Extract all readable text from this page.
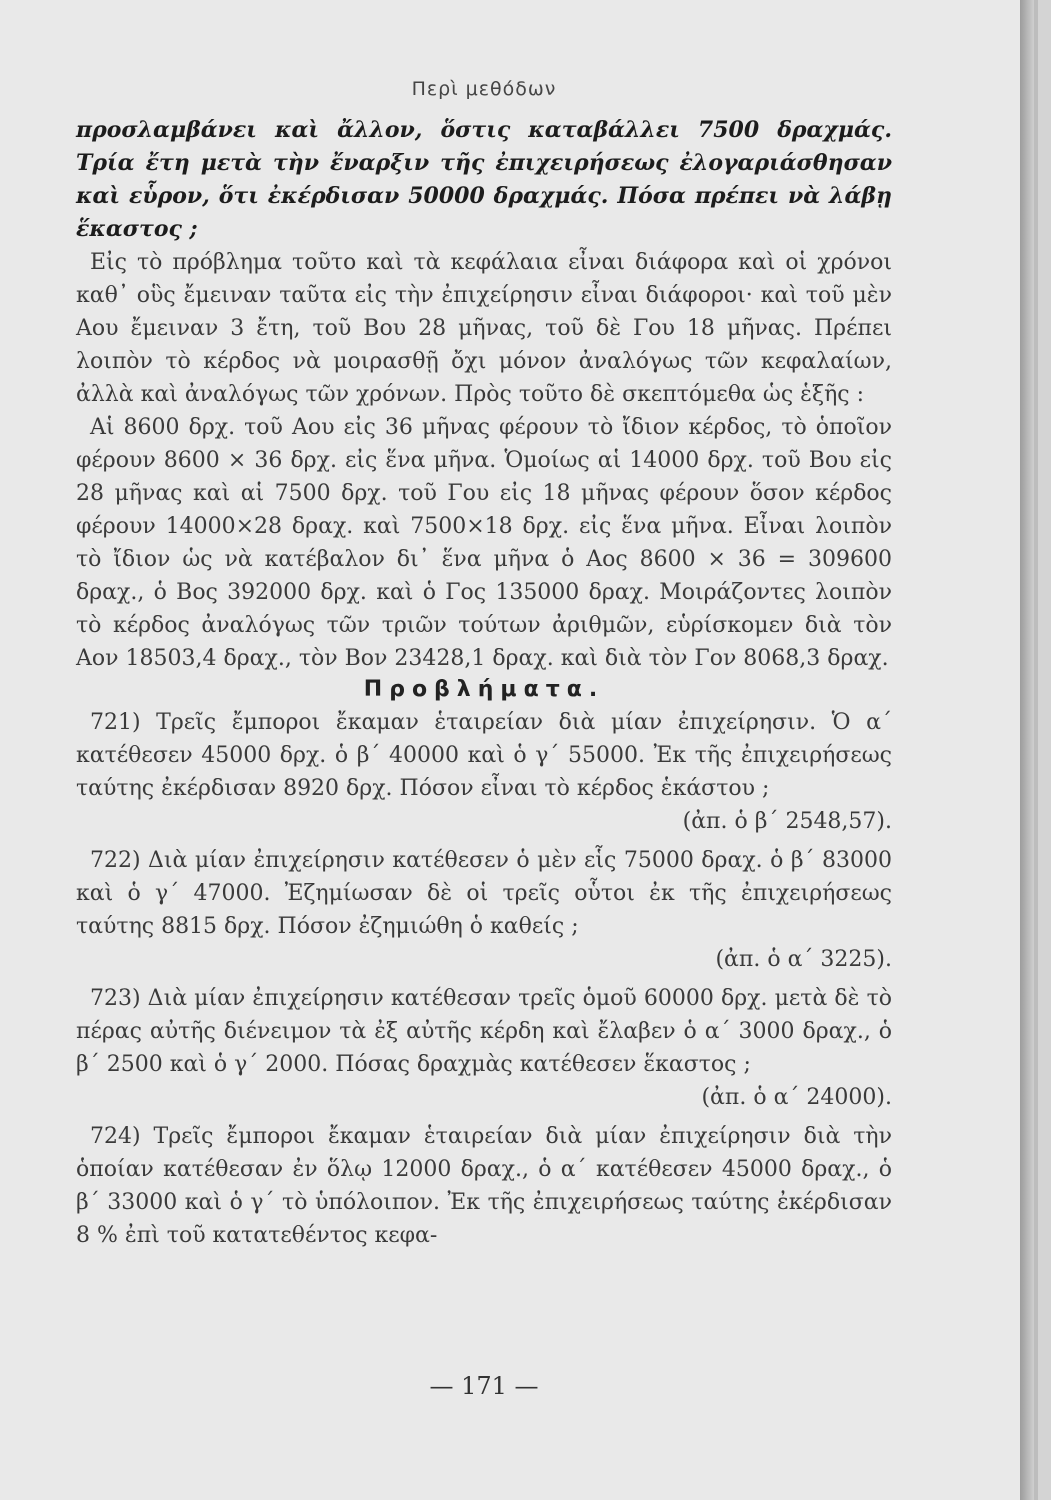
Περὶ μεθόδων

προσλαμβάνει καὶ ἄλλον, ὅστις καταβάλλει 7500 δραχμάς. Τρία ἔτη μετὰ τὴν ἔναρξιν τῆς ἐπιχειρήσεως ἐλογαριάσθησαν καὶ εὗρον, ὅτι ἐκέρδισαν 50000 δραχμάς. Πόσα πρέπει νὰ λάβῃ ἕκαστος ;

Εἰς τὸ πρόβλημα τοῦτο καὶ τὰ κεφάλαια εἶναι διάφορα καὶ οἱ χρόνοι καθ᾽ οὓς ἔμειναν ταῦτα εἰς τὴν ἐπιχείρησιν εἶναι διάφοροι· καὶ τοῦ μὲν Αου ἔμειναν 3 ἔτη, τοῦ Βου 28 μῆνας, τοῦ δὲ Γου 18 μῆνας. Πρέπει λοιπὸν τὸ κέρδος νὰ μοιρασθῇ ὄχι μόνον ἀναλόγως τῶν κεφαλαίων, ἀλλὰ καὶ ἀναλόγως τῶν χρόνων. Πρὸς τοῦτο δὲ σκεπτόμεθα ὡς ἑξῆς :

Αἱ 8600 δρχ. τοῦ Αου εἰς 36 μῆνας φέρουν τὸ ἴδιον κέρδος, τὸ ὁποῖον φέρουν 8600 × 36 δρχ. εἰς ἕνα μῆνα. Ὁμοίως αἱ 14000 δρχ. τοῦ Βου εἰς 28 μῆνας καὶ αἱ 7500 δρχ. τοῦ Γου εἰς 18 μῆνας φέρουν ὅσον κέρδος φέρουν 14000×28 δραχ. καὶ 7500×18 δρχ. εἰς ἕνα μῆνα. Εἶναι λοιπὸν τὸ ἴδιον ὡς νὰ κατέβαλον δι᾽ ἕνα μῆνα ὁ Αος 8600 × 36 = 309600 δραχ., ὁ Βος 392000 δρχ. καὶ ὁ Γος 135000 δραχ. Μοιράζοντες λοιπὸν τὸ κέρδος ἀναλόγως τῶν τριῶν τούτων ἀριθμῶν, εὑρίσκομεν διὰ τὸν Αον 18503,4 δραχ., τὸν Βον 23428,1 δραχ. καὶ διὰ τὸν Γον 8068,3 δραχ.

Προβλήματα.

721) Τρεῖς ἔμποροι ἔκαμαν ἑταιρείαν διὰ μίαν ἐπιχείρησιν. Ὁ α΄ κατέθεσεν 45000 δρχ. ὁ β΄ 40000 καὶ ὁ γ΄ 55000. Ἐκ τῆς ἐπιχειρήσεως ταύτης ἐκέρδισαν 8920 δρχ. Πόσον εἶναι τὸ κέρδος ἑκάστου ;

(ἀπ. ὁ β΄ 2548,57).

722) Διὰ μίαν ἐπιχείρησιν κατέθεσεν ὁ μὲν εἷς 75000 δραχ. ὁ β΄ 83000 καὶ ὁ γ΄ 47000. Ἐζημίωσαν δὲ οἱ τρεῖς οὗτοι ἐκ τῆς ἐπιχειρήσεως ταύτης 8815 δρχ. Πόσον ἐζημιώθη ὁ καθείς ;

(ἀπ. ὁ α΄ 3225).

723) Διὰ μίαν ἐπιχείρησιν κατέθεσαν τρεῖς ὁμοῦ 60000 δρχ. μετὰ δὲ τὸ πέρας αὐτῆς διένειμον τὰ ἐξ αὐτῆς κέρδη καὶ ἔλαβεν ὁ α΄ 3000 δραχ., ὁ β΄ 2500 καὶ ὁ γ΄ 2000. Πόσας δραχμὰς κατέθεσεν ἕκαστος ;

(ἀπ. ὁ α΄ 24000).

724) Τρεῖς ἔμποροι ἔκαμαν ἑταιρείαν διὰ μίαν ἐπιχείρησιν διὰ τὴν ὁποίαν κατέθεσαν ἐν ὅλῳ 12000 δραχ., ὁ α΄ κατέθεσεν 45000 δραχ., ὁ β΄ 33000 καὶ ὁ γ΄ τὸ ὑπόλοιπον. Ἐκ τῆς ἐπιχειρήσεως ταύτης ἐκέρδισαν 8 % ἐπὶ τοῦ κατατεθέντος κεφα-

— 171 —
